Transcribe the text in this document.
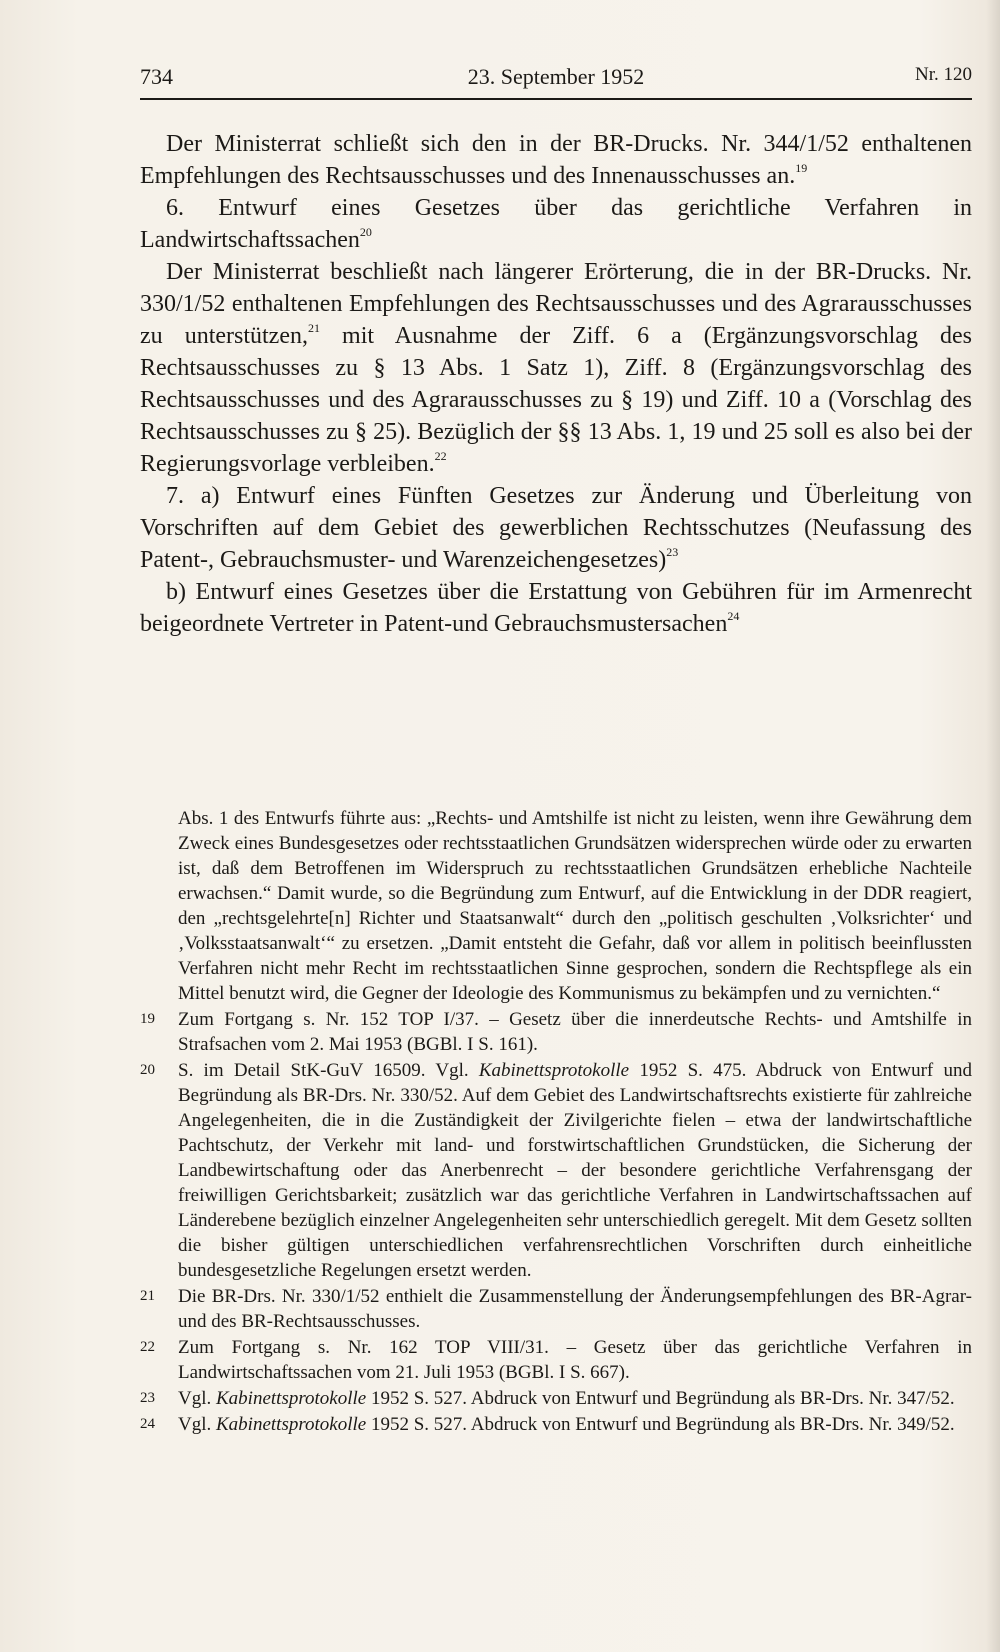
734	23. September 1952	Nr. 120

Der Ministerrat schließt sich den in der BR-Drucks. Nr. 344/1/52 enthaltenen Empfehlungen des Rechtsausschusses und des Innenausschusses an.$^{19}$

6. Entwurf eines Gesetzes über das gerichtliche Verfahren in Landwirtschaftssachen$^{20}$

Der Ministerrat beschließt nach längerer Erörterung, die in der BR-Drucks. Nr. 330/1/52 enthaltenen Empfehlungen des Rechtsausschusses und des Agrarausschusses zu unterstützen,$^{21}$ mit Ausnahme der Ziff. 6 a (Ergänzungsvorschlag des Rechtsausschusses zu § 13 Abs. 1 Satz 1), Ziff. 8 (Ergänzungsvorschlag des Rechtsausschusses und des Agrarausschusses zu § 19) und Ziff. 10 a (Vorschlag des Rechtsausschusses zu § 25). Bezüglich der §§ 13 Abs. 1, 19 und 25 soll es also bei der Regierungsvorlage verbleiben.$^{22}$

7. a) Entwurf eines Fünften Gesetzes zur Änderung und Überleitung von Vorschriften auf dem Gebiet des gewerblichen Rechtsschutzes (Neufassung des Patent-, Gebrauchsmuster- und Warenzeichengesetzes)$^{23}$

b) Entwurf eines Gesetzes über die Erstattung von Gebühren für im Armenrecht beigeordnete Vertreter in Patent-und Gebrauchsmustersachen$^{24}$

Abs. 1 des Entwurfs führte aus: „Rechts- und Amtshilfe ist nicht zu leisten, wenn ihre Gewährung dem Zweck eines Bundesgesetzes oder rechtsstaatlichen Grundsätzen widersprechen würde oder zu erwarten ist, daß dem Betroffenen im Widerspruch zu rechtsstaatlichen Grundsätzen erhebliche Nachteile erwachsen.“ Damit wurde, so die Begründung zum Entwurf, auf die Entwicklung in der DDR reagiert, den „rechtsgelehrte[n] Richter und Staatsanwalt“ durch den „politisch geschulten ‚Volksrichter‘ und ‚Volksstaatsanwalt‘“ zu ersetzen. „Damit entsteht die Gefahr, daß vor allem in politisch beeinflussten Verfahren nicht mehr Recht im rechtsstaatlichen Sinne gesprochen, sondern die Rechtspflege als ein Mittel benutzt wird, die Gegner der Ideologie des Kommunismus zu bekämpfen und zu vernichten.“

19 Zum Fortgang s. Nr. 152 TOP I/37. – Gesetz über die innerdeutsche Rechts- und Amtshilfe in Strafsachen vom 2. Mai 1953 (BGBl. I S. 161).

20 S. im Detail StK-GuV 16509. Vgl. Kabinettsprotokolle 1952 S. 475. Abdruck von Entwurf und Begründung als BR-Drs. Nr. 330/52. Auf dem Gebiet des Landwirtschaftsrechts existierte für zahlreiche Angelegenheiten, die in die Zuständigkeit der Zivilgerichte fielen – etwa der landwirtschaftliche Pachtschutz, der Verkehr mit land- und forstwirtschaftlichen Grundstücken, die Sicherung der Landbewirtschaftung oder das Anerbenrecht – der besondere gerichtliche Verfahrensgang der freiwilligen Gerichtsbarkeit; zusätzlich war das gerichtliche Verfahren in Landwirtschaftssachen auf Länderebene bezüglich einzelner Angelegenheiten sehr unterschiedlich geregelt. Mit dem Gesetz sollten die bisher gültigen unterschiedlichen verfahrensrechtlichen Vorschriften durch einheitliche bundesgesetzliche Regelungen ersetzt werden.

21 Die BR-Drs. Nr. 330/1/52 enthielt die Zusammenstellung der Änderungsempfehlungen des BR-Agrar- und des BR-Rechtsausschusses.

22 Zum Fortgang s. Nr. 162 TOP VIII/31. – Gesetz über das gerichtliche Verfahren in Landwirtschaftssachen vom 21. Juli 1953 (BGBl. I S. 667).

23 Vgl. Kabinettsprotokolle 1952 S. 527. Abdruck von Entwurf und Begründung als BR-Drs. Nr. 347/52.

24 Vgl. Kabinettsprotokolle 1952 S. 527. Abdruck von Entwurf und Begründung als BR-Drs. Nr. 349/52.
